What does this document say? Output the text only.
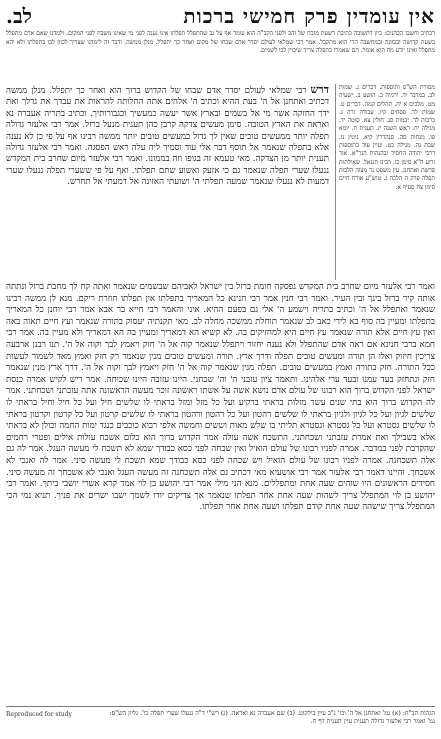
אין עומדין פרק חמישי ברכות
לב.
דכתיב וחשבו הכהנים: כיון דתשובה כתיבת דשעת מזבח של זהב ולפני הקב"ה הוא עומד אף על גב שהתפלל תפלתו אינו נענה לפני מי שאינו משבח לפני המקום. ולמדנו שאם אדם מתפלל בשעת קדושה ובכוונה ובמחשבה הרי הוא מתקבל. אמר רבי שמלאי לעולם יסדר אדם שבחו של מקום ואחר כך יתפלל. מנלן ממשה. ודבר זה לימדנו שצריך לכוון לבו בתפלתו ולא יהא מתפלל ואינו יודע מה הוא אומר. הם שאמרו בתפלה צריך שיכוין לבו לשמים.
מסורת הש"ס ותוספות. דברים ג. שמות לב. במדבר יד. ירמיה ב. הושע ב. ישעיה מט. מלכים א יח. תהלים קמה. דברים ט. שמות לד. פסחים קיז. עבודה זרה ג. ברכות לד. יבמות סג. חולין צא. סוטה יד. מגילה יח. ראש השנה יז. תענית ח. יומא פו. מנחות סה. סנהדרין קיא. גיטין נו. שבת נה. מגילה כט. ועיין עוד בתוספות דרבי יהודה החסיד ובהגהות הגר"א. אור זרוע ח"א סימן כו. רבינו חננאל. שאילתות פרשת ואתחנן. עין משפט נר מצוה הלכות תפלה פרק ה הלכה ג. טוש"ע אורח חיים סימן צח סעיף א.
דרש רבי שמלאי לעולם יסדר אדם שבחו של הקדוש ברוך הוא ואחר כך יתפלל. מנלן ממשה דכתיב ואתחנן אל ה' בעת ההיא וכתיב ה' אלהים אתה החלותה להראות את עבדך את גדלך ואת ידך החזקה אשר מי אל בשמים ובארץ אשר יעשה כמעשיך וכגבורותיך. וכתיב בתריה אעברה נא ואראה את הארץ הטובה. סימן מעשים צדקה קרבן כהן תענית מנעל ברזל. אמר רבי אלעזר גדולה תפלה יותר ממעשים טובים שאין לך גדול במעשים טובים יותר ממשה רבינו אף על פי כן לא נענה אלא בתפלה שנאמר אל תוסף דבר אלי עוד וסמיך ליה עלה ראש הפסגה. ואמר רבי אלעזר גדולה תענית יותר מן הצדקה. מאי טעמא זה בגופו וזה בממונו. ואמר רבי אלעזר מיום שחרב בית המקדש ננעלו שערי תפלה שנאמר גם כי אזעק ואשוע שתם תפלתי. ואף על פי ששערי תפלה ננעלו שערי דמעות לא ננעלו שנאמר שמעה תפלתי ה' ושועתי האזינה אל דמעתי אל תחרש.
ואמר רבי אלעזר מיום שחרב בית המקדש נפסקה חומת ברזל בין ישראל לאביהם שבשמים שנאמר ואתה קח לך מחבת ברזל ונתתה אותה קיר ברזל בינך ובין העיר. ואמר רבי חנין אמר רבי חנינא כל המאריך בתפלתו אין תפלתו חוזרת ריקם. מנא לן ממשה רבינו שנאמר ואתפלל אל ה' וכתיב בתריה וישמע ה' אלי גם בפעם ההיא. איני והאמר רבי חייא בר אבא אמר רבי יוחנן כל המאריך בתפלתו ומעיין בה סוף בא לידי כאב לב שנאמר תוחלת ממשכה מחלה לב. מאי תקנתיה יעסוק בתורה שנאמר ועץ חיים תאוה באה ואין עץ חיים אלא תורה שנאמר עץ חיים היא למחזיקים בה. לא קשיא הא דמאריך ומעיין בה הא דמאריך ולא מעיין בה. אמר רבי חמא ברבי חנינא אם ראה אדם שהתפלל ולא נענה יחזור ויתפלל שנאמר קוה אל ה' חזק ויאמץ לבך וקוה אל ה'. תנו רבנן ארבעה צריכין חיזוק ואלו הן תורה ומעשים טובים תפלה ודרך ארץ. תורה ומעשים טובים מנין שנאמר רק חזק ואמץ מאד לשמור לעשות ככל התורה. חזק בתורה ואמץ במעשים טובים. תפלה מנין שנאמר קוה אל ה' חזק ויאמץ לבך וקוה אל ה'. דרך ארץ מנין שנאמר חזק ונתחזק בעד עמנו ובעד ערי אלהינו. ותאמר ציון עזבני ה' וה' שכחני. היינו עזובה היינו שכוחה. אמר ריש לקיש אמרה כנסת ישראל לפני הקדוש ברוך הוא רבונו של עולם אדם נושא אשה על אשתו ראשונה זוכר מעשה הראשונה אתה עזבתני ושכחתני. אמר לה הקדוש ברוך הוא בתי שנים עשר מזלות בראתי ברקיע ועל כל מזל ומזל בראתי לו שלשים חיל ועל כל חיל וחיל בראתי לו שלשים לגיון ועל כל לגיון ולגיון בראתי לו שלשים רהטון ועל כל רהטון ורהטון בראתי לו שלשים קרטון ועל כל קרטון וקרטון בראתי לו שלשים גסטרא ועל כל גסטרא וגסטרא תליתי בו שלש מאות וששים וחמשה אלפי רבוא כוכבים כנגד ימות החמה וכולן לא בראתי אלא בשבילך ואת אמרת עזבתני ושכחתני. התשכח אשה עולה אמר הקדוש ברוך הוא כלום אשכח עולות אילים ופטרי רחמים שהקרבת לפני במדבר. אמרה לפניו רבונו של עולם הואיל ואין שכחה לפני כסא כבודך שמא לא תשכח לי מעשה העגל. אמר לה גם אלה תשכחנה. אמרה לפניו רבונו של עולם הואיל ויש שכחה לפני כסא כבודך שמא תשכח לי מעשה סיני. אמר לה ואנכי לא אשכחך. והיינו דאמר רבי אלעזר אמר רבי אושעיא מאי דכתיב גם אלה תשכחנה זה מעשה העגל ואנכי לא אשכחך זה מעשה סיני. חסידים הראשונים היו שוהים שעה אחת ומתפללים. מנא הני מילי אמר רבי יהושע בן לוי אמר קרא אשרי יושבי ביתך. ואמר רבי יהושע בן לוי המתפלל צריך לשהות שעה אחת אחר תפלתו שנאמר אך צדיקים יודו לשמך ישבו ישרים את פניך. תניא נמי הכי המתפלל צריך שישהה שעה אחת קודם תפלתו ושעה אחת אחר תפלתו.
הגהות הב"ח: (א) גמ' ואתחנן אל ה' וכו' נ"ב עיין בילקוט. (ב) שם אעברה נא ואראה. (ג) רש"י ד"ה ננעלו שערי תפלה כו'. גליון הש"ס: גמ' ואמר רבי אלעזר גדולה תענית עיין תענית דף ח.
Reproduced for study
